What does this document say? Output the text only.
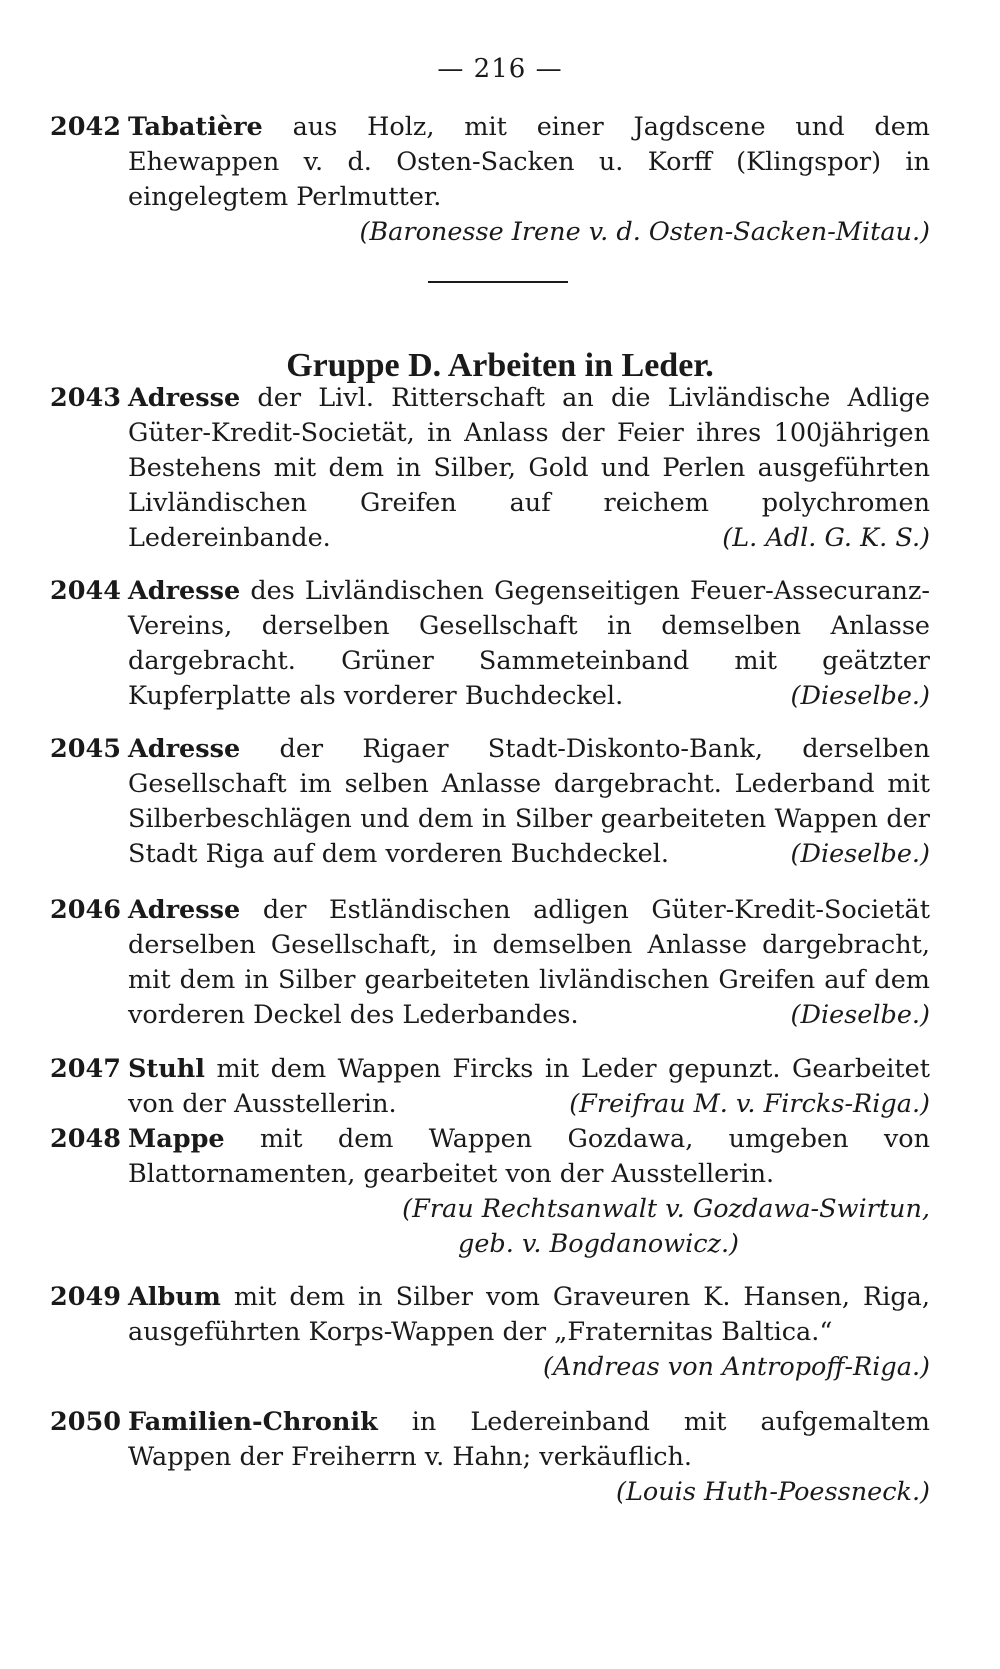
— 216 —
2042 Tabatière aus Holz, mit einer Jagdscene und dem Ehewappen v. d. Osten-Sacken u. Korff (Klingspor) in eingelegtem Perlmutter.
(Baronesse Irene v. d. Osten-Sacken-Mitau.)
Gruppe D. Arbeiten in Leder.
2043 Adresse der Livl. Ritterschaft an die Livländische Adlige Güter-Kredit-Societät, in Anlass der Feier ihres 100jährigen Bestehens mit dem in Silber, Gold und Perlen ausgeführten Livländischen Greifen auf reichem polychromen Ledereinbande.	(L. Adl. G. K. S.)
2044 Adresse des Livländischen Gegenseitigen Feuer-Assecuranz-Vereins, derselben Gesellschaft in demselben Anlasse dargebracht. Grüner Sammeteinband mit geätzter Kupferplatte als vorderer Buchdeckel.	(Dieselbe.)
2045 Adresse der Rigaer Stadt-Diskonto-Bank, derselben Gesellschaft im selben Anlasse dargebracht. Lederband mit Silberbeschlägen und dem in Silber gearbeiteten Wappen der Stadt Riga auf dem vorderen Buchdeckel.	(Dieselbe.)
2046 Adresse der Estländischen adligen Güter-Kredit-Societät derselben Gesellschaft, in demselben Anlasse dargebracht, mit dem in Silber gearbeiteten livländischen Greifen auf dem vorderen Deckel des Lederbandes.	(Dieselbe.)
2047 Stuhl mit dem Wappen Fircks in Leder gepunzt. Gearbeitet von der Ausstellerin.	(Freifrau M. v. Fircks-Riga.)
2048 Mappe mit dem Wappen Gozdawa, umgeben von Blattornamenten, gearbeitet von der Ausstellerin.
(Frau Rechtsanwalt v. Gozdawa-Swirtun,
geb. v. Bogdanowicz.)
2049 Album mit dem in Silber vom Graveuren K. Hansen, Riga, ausgeführten Korps-Wappen der „Fraternitas Baltica.“
(Andreas von Antropoff-Riga.)
2050 Familien-Chronik in Ledereinband mit aufgemaltem Wappen der Freiherrn v. Hahn; verkäuflich.
(Louis Huth-Poessneck.)
